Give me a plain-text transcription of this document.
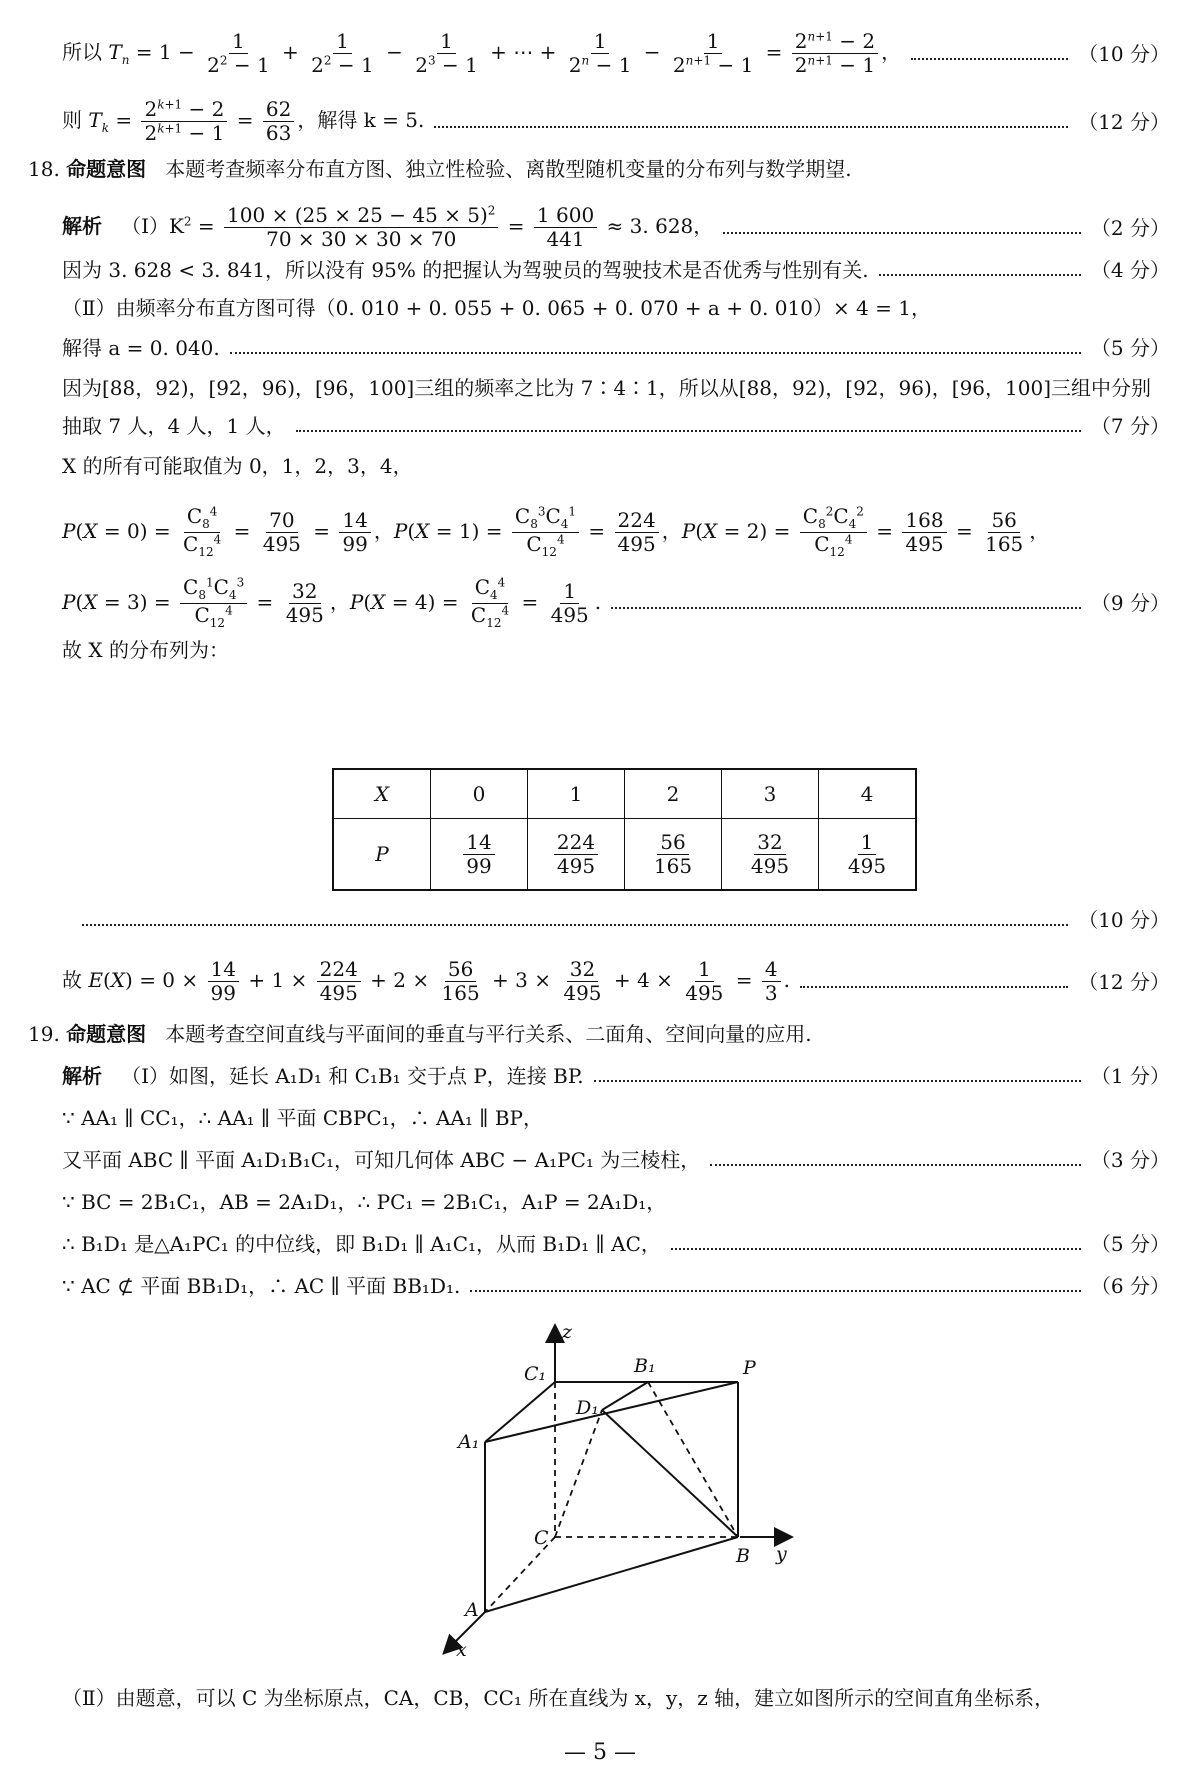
所以 $T_n = 1 - \frac{1}{2^2 - 1} + \frac{1}{2^2 - 1} - \frac{1}{2^3 - 1}$ + ⋯ + $\frac{1}{2^n - 1} - \frac{1}{2^{n+1} - 1} = \frac{2^{n+1} - 2}{2^{n+1} - 1}$ ，	（10 分）
则 $T_k = \frac{2^{k+1} - 2}{2^{k+1} - 1} = \frac{62}{63}$ ，解得 k = 5.	（12 分）
18. 命题意图 本题考查频率分布直方图、独立性检验、离散型随机变量的分布列与数学期望.
解析 $(Ⅰ)K^2 = \frac{100 \times (25 \times 25 - 45 \times 5)^2}{70 \times 30 \times 30 \times 70} = \frac{1 600}{441} \approx 3$. 628，	（2 分）
因为 3. 628 < 3. 841，所以没有 95% 的把握认为驾驶员的驾驶技术是否优秀与性别有关.	（4 分）
（Ⅱ）由频率分布直方图可得（0. 010 + 0. 055 + 0. 065 + 0. 070 + a + 0. 010）× 4 = 1，
解得 a = 0. 040.	（5 分）
因为[88，92)，[92，96)，[96，100]三组的频率之比为 7∶4∶1，所以从[88，92)，[92，96)，[96，100]三组中分别
抽取 7 人，4 人，1 人，	（7 分）
X 的所有可能取值为 0，1，2，3，4，
$P(X = 0) = \frac{C_8^4}{C_{12}^4} = \frac{70}{495} = \frac{14}{99}$ ，$P(X = 1) = \frac{C_8^3C_4^1}{C_{12}^4} = \frac{224}{495}$ ，$P(X = 2) = \frac{C_8^2C_4^2}{C_{12}^4} = \frac{168}{495} = \frac{56}{165}$ ，
$P(X = 3) = \frac{C_8^1C_4^3}{C_{12}^4} = \frac{32}{495}$ ，$P(X = 4) = \frac{C_4^4}{C_{12}^4} = \frac{1}{495}$ .	（9 分）
故 X 的分布列为：
X	0	1	2	3	4
P	$\frac{14}{99}$	$\frac{224}{495}$	$\frac{56}{165}$	$\frac{32}{495}$	$\frac{1}{495}$
（10 分）
故 $E(X) = 0 \times \frac{14}{99} + 1 \times \frac{224}{495} + 2 \times \frac{56}{165} + 3 \times \frac{32}{495} + 4 \times \frac{1}{495} = \frac{4}{3}$ .	（12 分）
19. 命题意图 本题考查空间直线与平面间的垂直与平行关系、二面角、空间向量的应用.
解析 （Ⅰ）如图，延长 A₁D₁ 和 C₁B₁ 交于点 P，连接 BP.	（1 分）
∵ AA₁ ∥ CC₁，∴ AA₁ ∥ 平面 CBPC₁，∴ AA₁ ∥ BP，
又平面 ABC ∥ 平面 A₁D₁B₁C₁，可知几何体 ABC − A₁PC₁ 为三棱柱，	（3 分）
∵ BC = 2B₁C₁，AB = 2A₁D₁，∴ PC₁ = 2B₁C₁，A₁P = 2A₁D₁，
∴ B₁D₁ 是△A₁PC₁ 的中位线，即 B₁D₁ ∥ A₁C₁，从而 B₁D₁ ∥ AC，	（5 分）
∵ AC ⊄ 平面 BB₁D₁，∴ AC ∥ 平面 BB₁D₁.	（6 分）
z
C₁	B₁	P
D₁
A₁
C
B y
A
x
（Ⅱ）由题意，可以 C 为坐标原点，CA，CB，CC₁ 所在直线为 x，y，z 轴，建立如图所示的空间直角坐标系，
— 5 —
